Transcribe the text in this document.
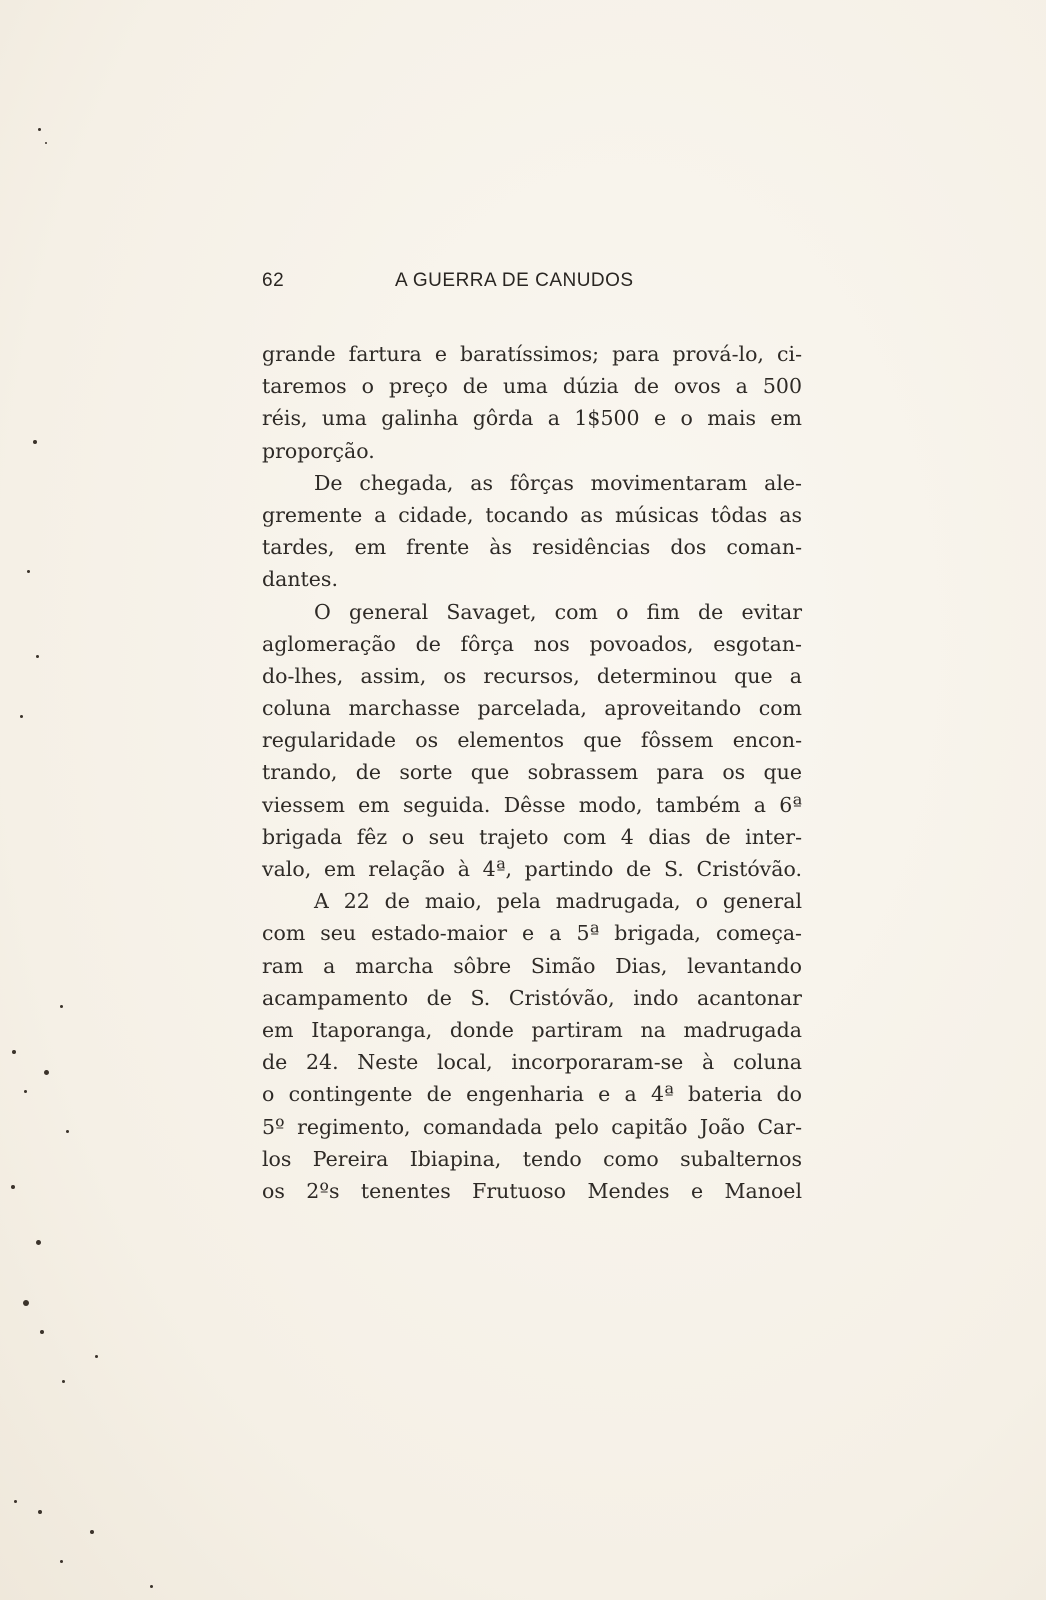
62	A GUERRA DE CANUDOS
grande fartura e baratíssimos; para prová-lo, ci-
taremos o preço de uma dúzia de ovos a 500
réis, uma galinha gôrda a 1$500 e o mais em
proporção.
De chegada, as fôrças movimentaram ale-
gremente a cidade, tocando as músicas tôdas as
tardes, em frente às residências dos coman-
dantes.
O general Savaget, com o fim de evitar
aglomeração de fôrça nos povoados, esgotan-
do-lhes, assim, os recursos, determinou que a
coluna marchasse parcelada, aproveitando com
regularidade os elementos que fôssem encon-
trando, de sorte que sobrassem para os que
viessem em seguida. Dêsse modo, também a 6ª
brigada fêz o seu trajeto com 4 dias de inter-
valo, em relação à 4ª, partindo de S. Cristóvão.
A 22 de maio, pela madrugada, o general
com seu estado-maior e a 5ª brigada, começa-
ram a marcha sôbre Simão Dias, levantando
acampamento de S. Cristóvão, indo acantonar
em Itaporanga, donde partiram na madrugada
de 24. Neste local, incorporaram-se à coluna
o contingente de engenharia e a 4ª bateria do
5º regimento, comandada pelo capitão João Car-
los Pereira Ibiapina, tendo como subalternos
os 2ºs tenentes Frutuoso Mendes e Manoel
